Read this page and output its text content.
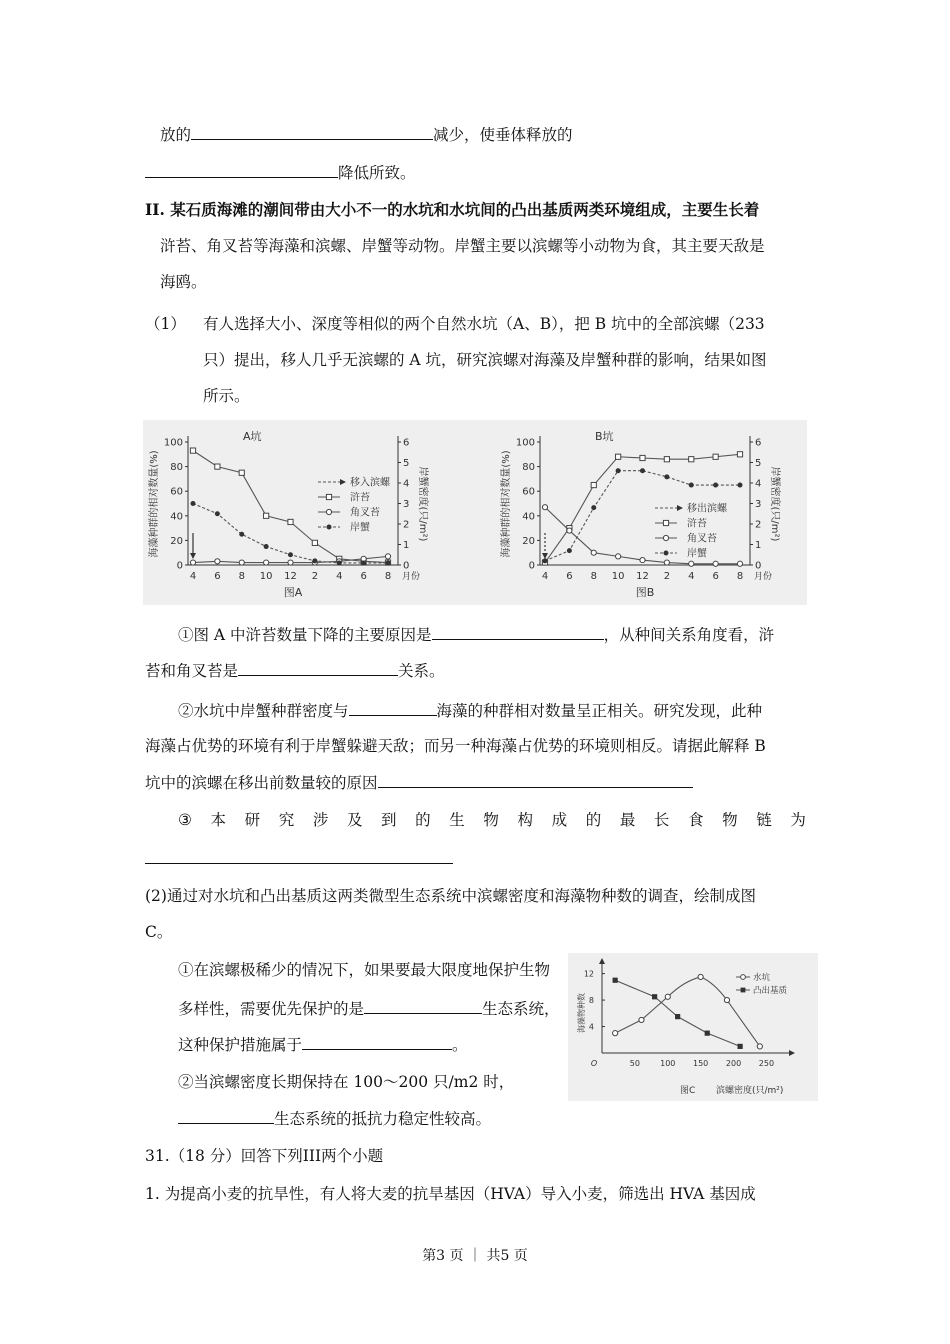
放的	减少，使垂体释放的
降低所致。
II. 某石质海滩的潮间带由大小不一的水坑和水坑间的凸出基质两类环境组成，主要生长着
浒苔、角叉苔等海藻和滨螺、岸蟹等动物。岸蟹主要以滨螺等小动物为食，其主要天敌是
海鸥。
（1） 有人选择大小、深度等相似的两个自然水坑（A、B），把 B 坑中的全部滨螺（233
只）提出，移人几乎无滨螺的 A 坑，研究滨螺对海藻及岸蟹种群的影响，结果如图
所示。
0
20
40
60
80
100
0
1
2
3
4
5
6
4 6 8 10 12 2 4 6 8 月份
A坑
图A
海藻种群的相对数量(%)	岸蟹密度(只/m²)
移入滨螺
浒苔
角叉苔
岸蟹
0
20
40
60
80
100
0
1
2
3
4
5
6
4 6 8 10 12 2 4 6 8 月份
B坑
图B
海藻种群的相对数量(%)	岸蟹密度(只/m²)
移出滨螺
浒苔
角叉苔
岸蟹
①图 A 中浒苔数量下降的主要原因是	，从种间关系角度看，浒
苔和角叉苔是	关系。
②水坑中岸蟹种群密度与	海藻的种群相对数量呈正相关。研究发现，此种
海藻占优势的环境有利于岸蟹躲避天敌；而另一种海藻占优势的环境则相反。请据此解释 B
坑中的滨螺在移出前数量较的原因
③ 本 研 究 涉 及 到 的 生 物 构 成 的 最 长 食 物 链 为
(2)通过对水坑和凸出基质这两类微型生态系统中滨螺密度和海藻物种数的调查，绘制成图
C。
①在滨螺极稀少的情况下，如果要最大限度地保护生物
多样性，需要优先保护的是	生态系统，
这种保护措施属于	。
②当滨螺密度长期保持在 100～200 只/m2 时，
生态系统的抵抗力稳定性较高。
4
8
12
O	50	100 150 200 250
海藻物种数
图C 滨螺密度(只/m²)
水坑
凸出基质
31.（18 分）回答下列III两个小题
1. 为提高小麦的抗旱性，有人将大麦的抗旱基因（HVA）导入小麦，筛选出 HVA 基因成
第3 页 ｜ 共5 页
